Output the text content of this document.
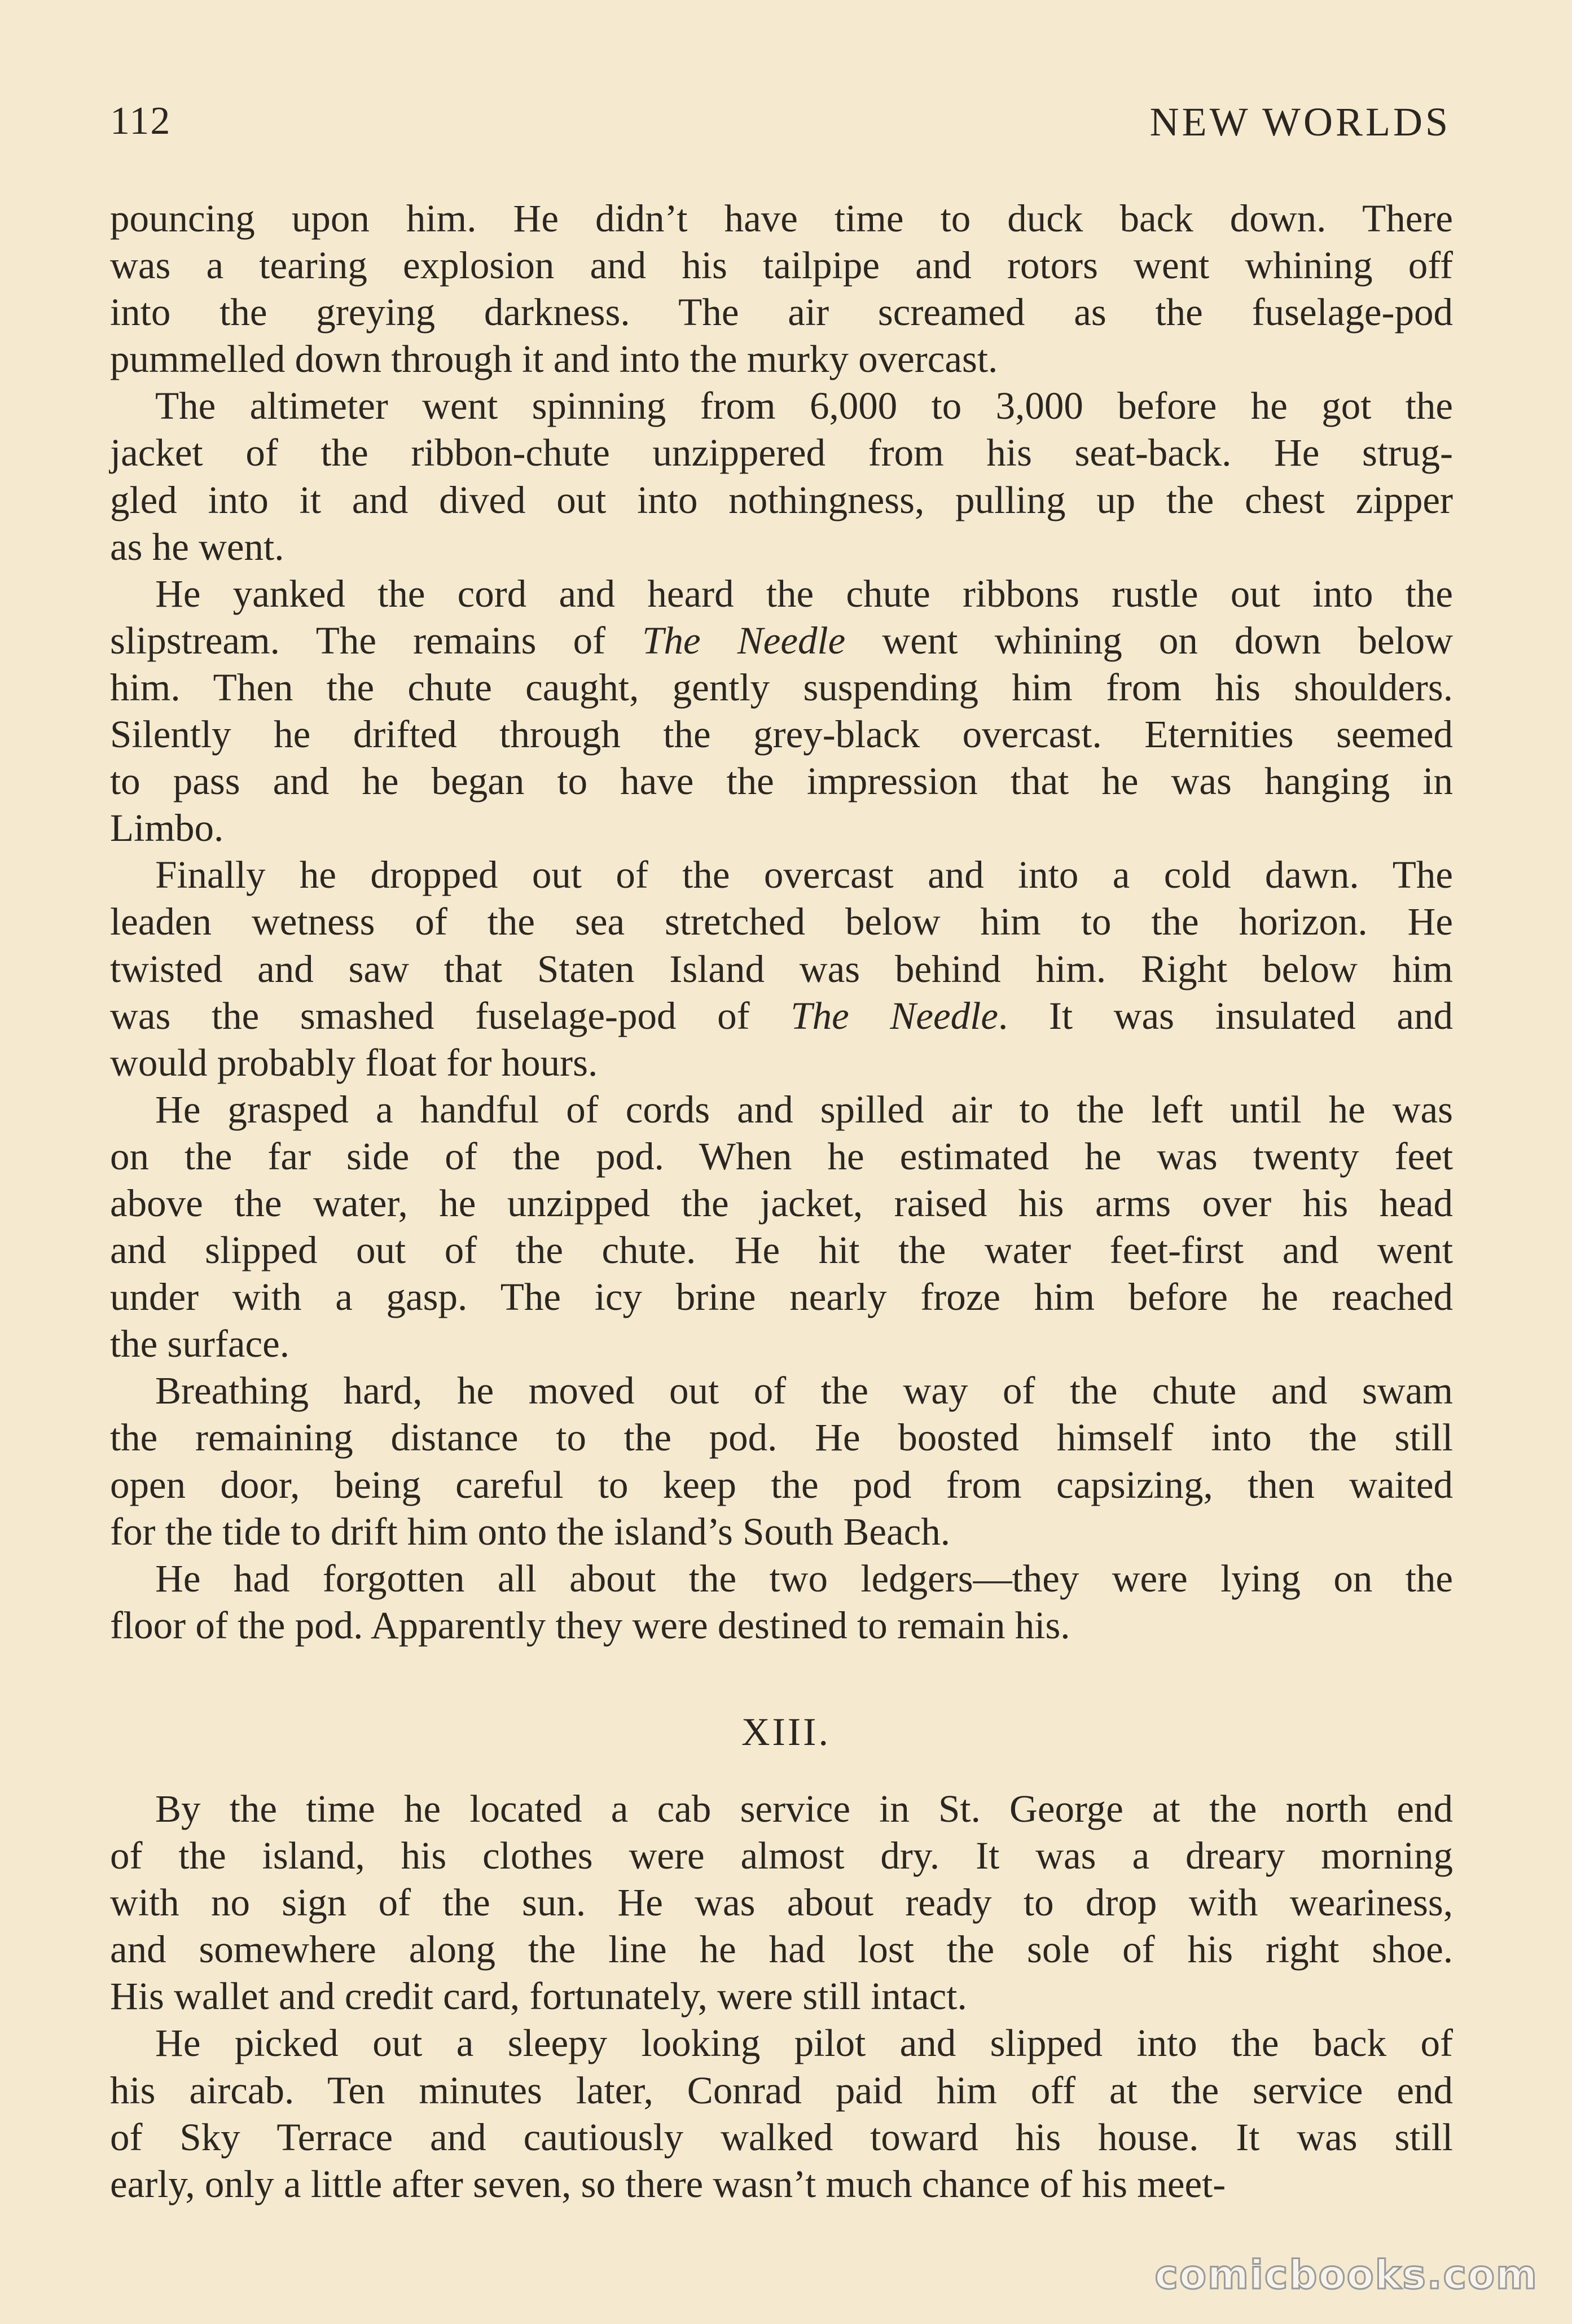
112	NEW WORLDS
pouncing upon him. He didn’t have time to duck back down. There
was a tearing explosion and his tailpipe and rotors went whining off
into the greying darkness. The air screamed as the fuselage-pod
pummelled down through it and into the murky overcast.
The altimeter went spinning from 6,000 to 3,000 before he got the
jacket of the ribbon-chute unzippered from his seat-back. He strug-
gled into it and dived out into nothingness, pulling up the chest zipper
as he went.
He yanked the cord and heard the chute ribbons rustle out into the
slipstream. The remains of The Needle went whining on down below
him. Then the chute caught, gently suspending him from his shoulders.
Silently he drifted through the grey-black overcast. Eternities seemed
to pass and he began to have the impression that he was hanging in
Limbo.
Finally he dropped out of the overcast and into a cold dawn. The
leaden wetness of the sea stretched below him to the horizon. He
twisted and saw that Staten Island was behind him. Right below him
was the smashed fuselage-pod of The Needle. It was insulated and
would probably float for hours.
He grasped a handful of cords and spilled air to the left until he was
on the far side of the pod. When he estimated he was twenty feet
above the water, he unzipped the jacket, raised his arms over his head
and slipped out of the chute. He hit the water feet-first and went
under with a gasp. The icy brine nearly froze him before he reached
the surface.
Breathing hard, he moved out of the way of the chute and swam
the remaining distance to the pod. He boosted himself into the still
open door, being careful to keep the pod from capsizing, then waited
for the tide to drift him onto the island’s South Beach.
He had forgotten all about the two ledgers—they were lying on the
floor of the pod. Apparently they were destined to remain his.
XIII.
By the time he located a cab service in St. George at the north end
of the island, his clothes were almost dry. It was a dreary morning
with no sign of the sun. He was about ready to drop with weariness,
and somewhere along the line he had lost the sole of his right shoe.
His wallet and credit card, fortunately, were still intact.
He picked out a sleepy looking pilot and slipped into the back of
his aircab. Ten minutes later, Conrad paid him off at the service end
of Sky Terrace and cautiously walked toward his house. It was still
early, only a little after seven, so there wasn’t much chance of his meet-
comicbooks.com
